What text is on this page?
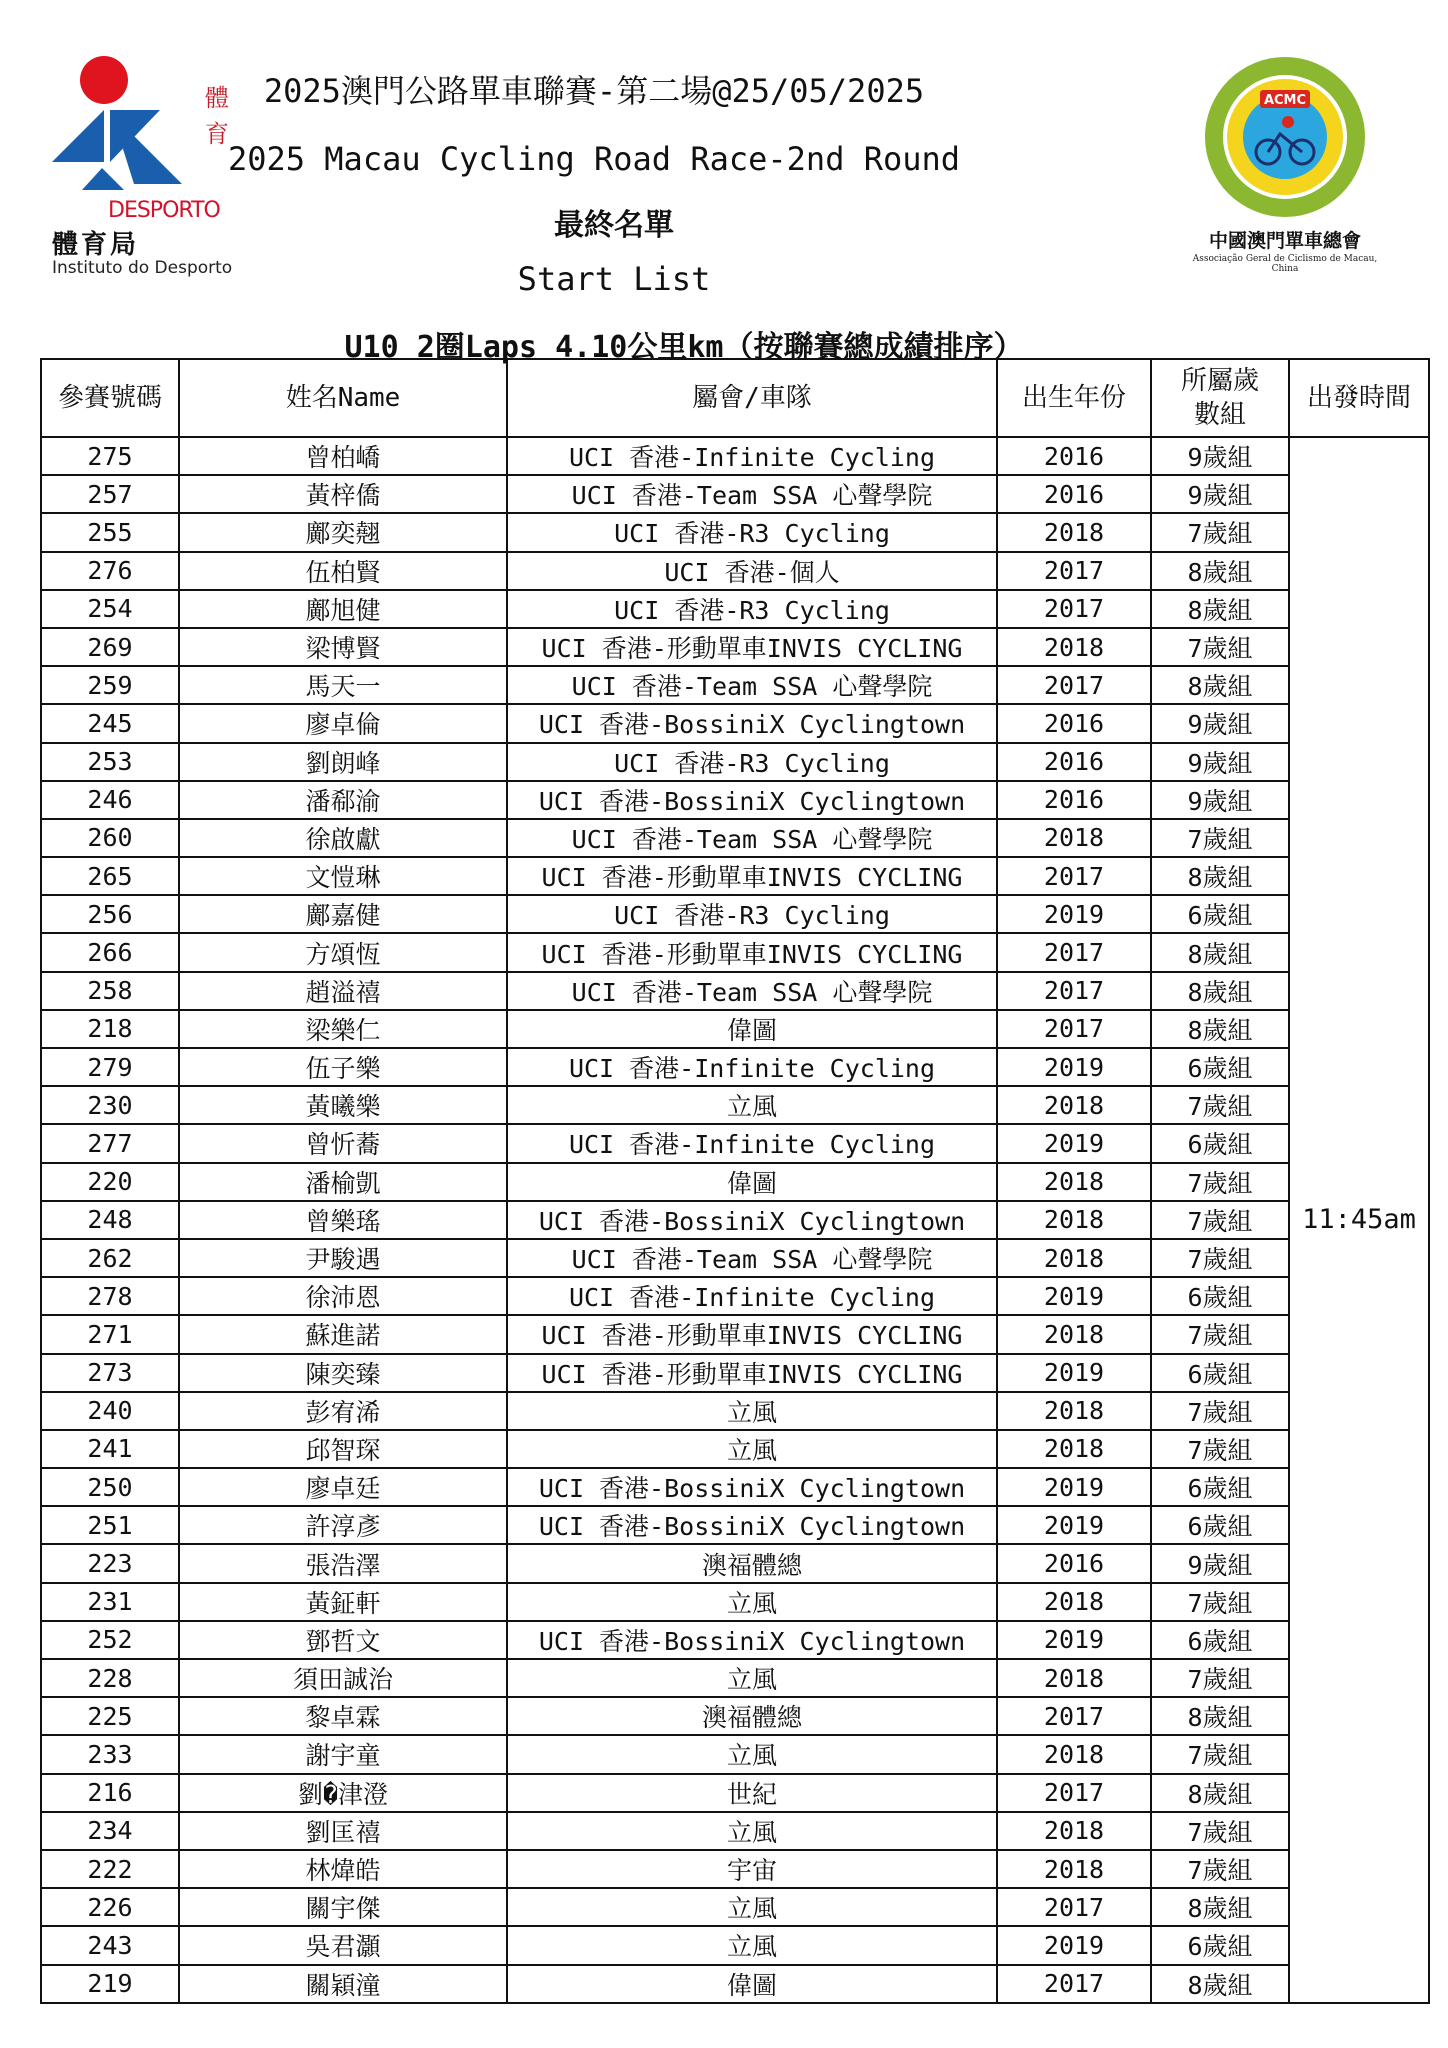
體育
DESPORTO
體育局
Instituto do Desporto
ACMC
中國澳門單車總會
Associação Geral de Ciclismo de Macau, China
2025澳門公路單車聯賽-第二場@25/05/2025
2025 Macau Cycling Road Race-2nd Round
最終名單
Start List
U10 2圈Laps 4.10公里km（按聯賽總成績排序）
參賽號碼	姓名Name	屬會/車隊	出生年份	所屬歲數組	出發時間
275	曾柏嶠	UCI 香港-Infinite Cycling	2016	9歲組	11:45am
257	黃梓僑	UCI 香港-Team SSA 心聲學院	2016	9歲組	
255	鄺奕翹	UCI 香港-R3 Cycling	2018	7歲組	
276	伍柏賢	UCI 香港-個人	2017	8歲組	
254	鄺旭健	UCI 香港-R3 Cycling	2017	8歲組	
269	梁博賢	UCI 香港-形動單車INVIS CYCLING	2018	7歲組	
259	馬天一	UCI 香港-Team SSA 心聲學院	2017	8歲組	
245	廖卓倫	UCI 香港-BossiniX Cyclingtown	2016	9歲組	
253	劉朗峰	UCI 香港-R3 Cycling	2016	9歲組	
246	潘郗渝	UCI 香港-BossiniX Cyclingtown	2016	9歲組	
260	徐啟獻	UCI 香港-Team SSA 心聲學院	2018	7歲組	
265	文愷琳	UCI 香港-形動單車INVIS CYCLING	2017	8歲組	
256	鄺嘉健	UCI 香港-R3 Cycling	2019	6歲組	
266	方頌恆	UCI 香港-形動單車INVIS CYCLING	2017	8歲組	
258	趙溢禧	UCI 香港-Team SSA 心聲學院	2017	8歲組	
218	梁樂仁	偉圖	2017	8歲組	
279	伍子樂	UCI 香港-Infinite Cycling	2019	6歲組	
230	黃曦樂	立風	2018	7歲組	
277	曾忻蕎	UCI 香港-Infinite Cycling	2019	6歲組	
220	潘榆凱	偉圖	2018	7歲組	
248	曾樂瑤	UCI 香港-BossiniX Cyclingtown	2018	7歲組	
262	尹駿遇	UCI 香港-Team SSA 心聲學院	2018	7歲組	
278	徐沛恩	UCI 香港-Infinite Cycling	2019	6歲組	
271	蘇進諾	UCI 香港-形動單車INVIS CYCLING	2018	7歲組	
273	陳奕臻	UCI 香港-形動單車INVIS CYCLING	2019	6歲組	
240	彭宥浠	立風	2018	7歲組	
241	邱智琛	立風	2018	7歲組	
250	廖卓廷	UCI 香港-BossiniX Cyclingtown	2019	6歲組	
251	許淳彥	UCI 香港-BossiniX Cyclingtown	2019	6歲組	
223	張浩澤	澳福體總	2016	9歲組	
231	黃鉦軒	立風	2018	7歲組	
252	鄧哲文	UCI 香港-BossiniX Cyclingtown	2019	6歲組	
228	須田誠治	立風	2018	7歲組	
225	黎卓霖	澳福體總	2017	8歲組	
233	謝宇童	立風	2018	7歲組	
216	劉�津澄	世紀	2017	8歲組	
234	劉匡禧	立風	2018	7歲組	
222	林煒皓	宇宙	2018	7歲組	
226	關宇傑	立風	2017	8歲組	
243	吳君灝	立風	2019	6歲組	
219	關穎潼	偉圖	2017	8歲組	
